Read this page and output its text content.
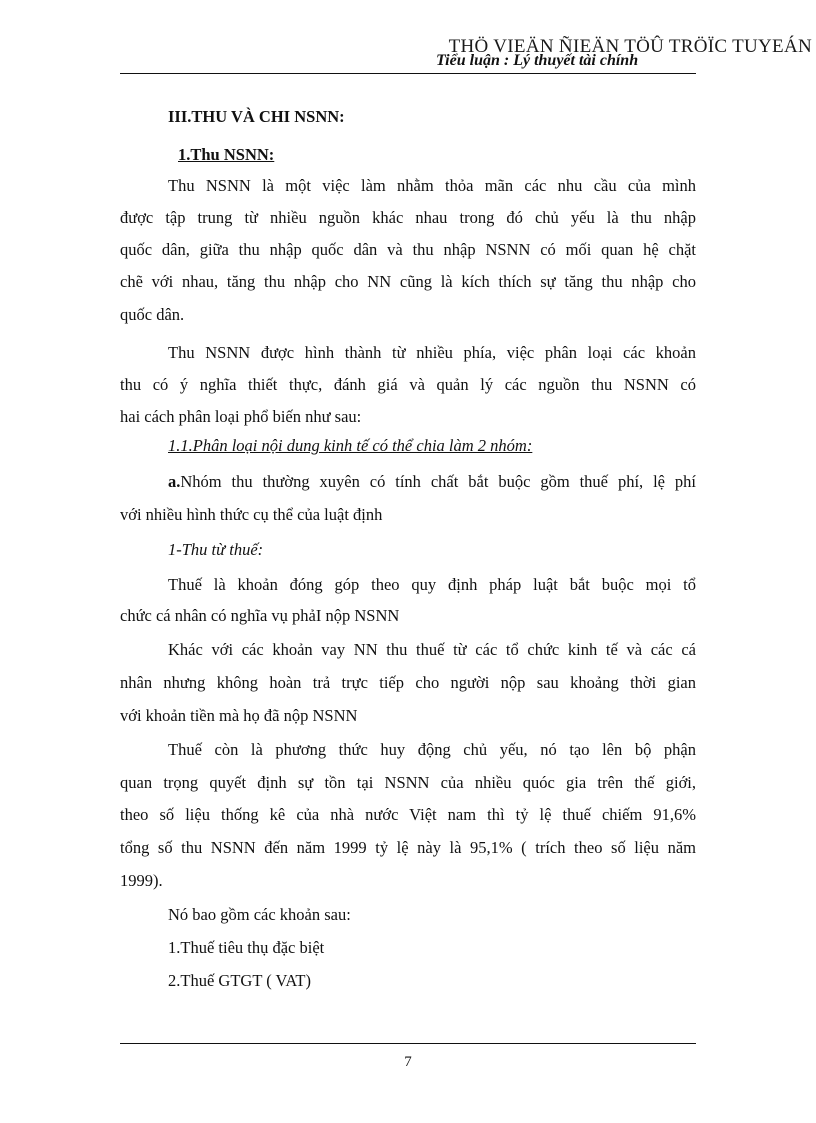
THÖ VIEÄN ÑIEÄN TÖÛ TRÖÏC TUYEÁN
Tiểu luận : Lý thuyết tài chính
III.THU VÀ CHI NSNN:
1.Thu NSNN:
Thu NSNN là một việc làm nhằm thỏa mãn các nhu cầu của mình
được tập trung từ nhiều nguồn khác nhau trong đó chủ yếu là thu nhập
quốc dân, giữa thu nhập quốc dân và thu nhập NSNN có mối quan hệ chặt
chẽ với nhau, tăng thu nhập cho NN cũng là kích thích sự tăng thu nhập cho
quốc dân.
Thu NSNN được hình thành từ nhiều phía, việc phân loại các khoản
thu có ý nghĩa thiết thực, đánh giá và quản lý các nguồn thu NSNN có
hai cách phân loại phổ biến như sau:
1.1.Phân loại nội dung kinh tế có thể chia làm 2 nhóm:
a.Nhóm thu thường xuyên có tính chất bắt buộc gồm thuế phí, lệ phí
với nhiều hình thức cụ thể của luật định
1-Thu từ thuế:
Thuế là khoản đóng góp theo quy định pháp luật bắt buộc mọi tổ
chức cá nhân có nghĩa vụ phảI nộp NSNN
Khác với các khoản vay NN thu thuế từ các tổ chức kinh tế và các cá
nhân nhưng không hoàn trả trực tiếp cho người nộp sau khoảng thời gian
với khoản tiền mà họ đã nộp NSNN
Thuế còn là phương thức huy động chủ yếu, nó tạo lên bộ phận
quan trọng quyết định sự tồn tại NSNN của nhiều quóc gia trên thế giới,
theo số liệu thống kê của nhà nước Việt nam thì tỷ lệ thuế chiếm 91,6%
tổng số thu NSNN đến năm 1999 tỷ lệ này là 95,1% ( trích theo số liệu năm
1999).
Nó bao gồm các khoản sau:
1.Thuế tiêu thụ đặc biệt
2.Thuế GTGT ( VAT)
7
